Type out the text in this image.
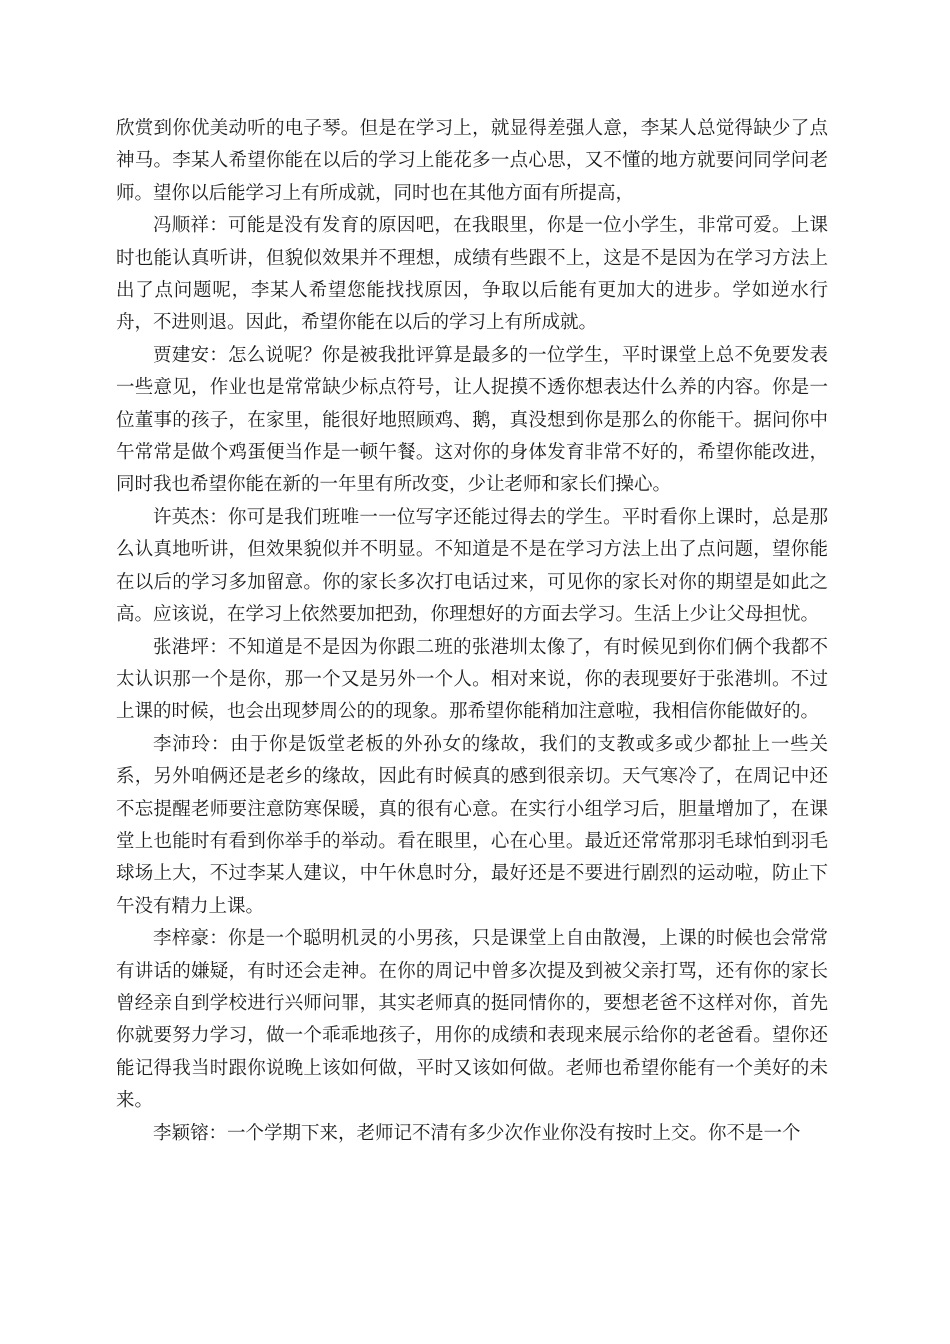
欣赏到你优美动听的电子琴。但是在学习上，就显得差强人意，李某人总觉得缺少了点神马。李某人希望你能在以后的学习上能花多一点心思，又不懂的地方就要问同学问老师。望你以后能学习上有所成就，同时也在其他方面有所提高，

冯顺祥：可能是没有发育的原因吧，在我眼里，你是一位小学生，非常可爱。上课时也能认真听讲，但貌似效果并不理想，成绩有些跟不上，这是不是因为在学习方法上出了点问题呢，李某人希望您能找找原因，争取以后能有更加大的进步。学如逆水行舟，不进则退。因此，希望你能在以后的学习上有所成就。

贾建安：怎么说呢？你是被我批评算是最多的一位学生，平时课堂上总不免要发表一些意见，作业也是常常缺少标点符号，让人捉摸不透你想表达什么养的内容。你是一位董事的孩子，在家里，能很好地照顾鸡、鹅，真没想到你是那么的你能干。据问你中午常常是做个鸡蛋便当作是一顿午餐。这对你的身体发育非常不好的，希望你能改进，同时我也希望你能在新的一年里有所改变，少让老师和家长们操心。

许英杰：你可是我们班唯一一位写字还能过得去的学生。平时看你上课时，总是那么认真地听讲，但效果貌似并不明显。不知道是不是在学习方法上出了点问题，望你能在以后的学习多加留意。你的家长多次打电话过来，可见你的家长对你的期望是如此之高。应该说，在学习上依然要加把劲，你理想好的方面去学习。生活上少让父母担忧。

张港坪：不知道是不是因为你跟二班的张港圳太像了，有时候见到你们俩个我都不太认识那一个是你，那一个又是另外一个人。相对来说，你的表现要好于张港圳。不过上课的时候，也会出现梦周公的的现象。那希望你能稍加注意啦，我相信你能做好的。

李沛玲：由于你是饭堂老板的外孙女的缘故，我们的支教或多或少都扯上一些关系，另外咱俩还是老乡的缘故，因此有时候真的感到很亲切。天气寒冷了，在周记中还不忘提醒老师要注意防寒保暖，真的很有心意。在实行小组学习后，胆量增加了，在课堂上也能时有看到你举手的举动。看在眼里，心在心里。最近还常常那羽毛球怕到羽毛球场上大，不过李某人建议，中午休息时分，最好还是不要进行剧烈的运动啦，防止下午没有精力上课。

李梓豪：你是一个聪明机灵的小男孩，只是课堂上自由散漫，上课的时候也会常常有讲话的嫌疑，有时还会走神。在你的周记中曾多次提及到被父亲打骂，还有你的家长曾经亲自到学校进行兴师问罪，其实老师真的挺同情你的，要想老爸不这样对你，首先你就要努力学习，做一个乖乖地孩子，用你的成绩和表现来展示给你的老爸看。望你还能记得我当时跟你说晚上该如何做，平时又该如何做。老师也希望你能有一个美好的未来。

李颖镕：一个学期下来，老师记不清有多少次作业你没有按时上交。你不是一个
